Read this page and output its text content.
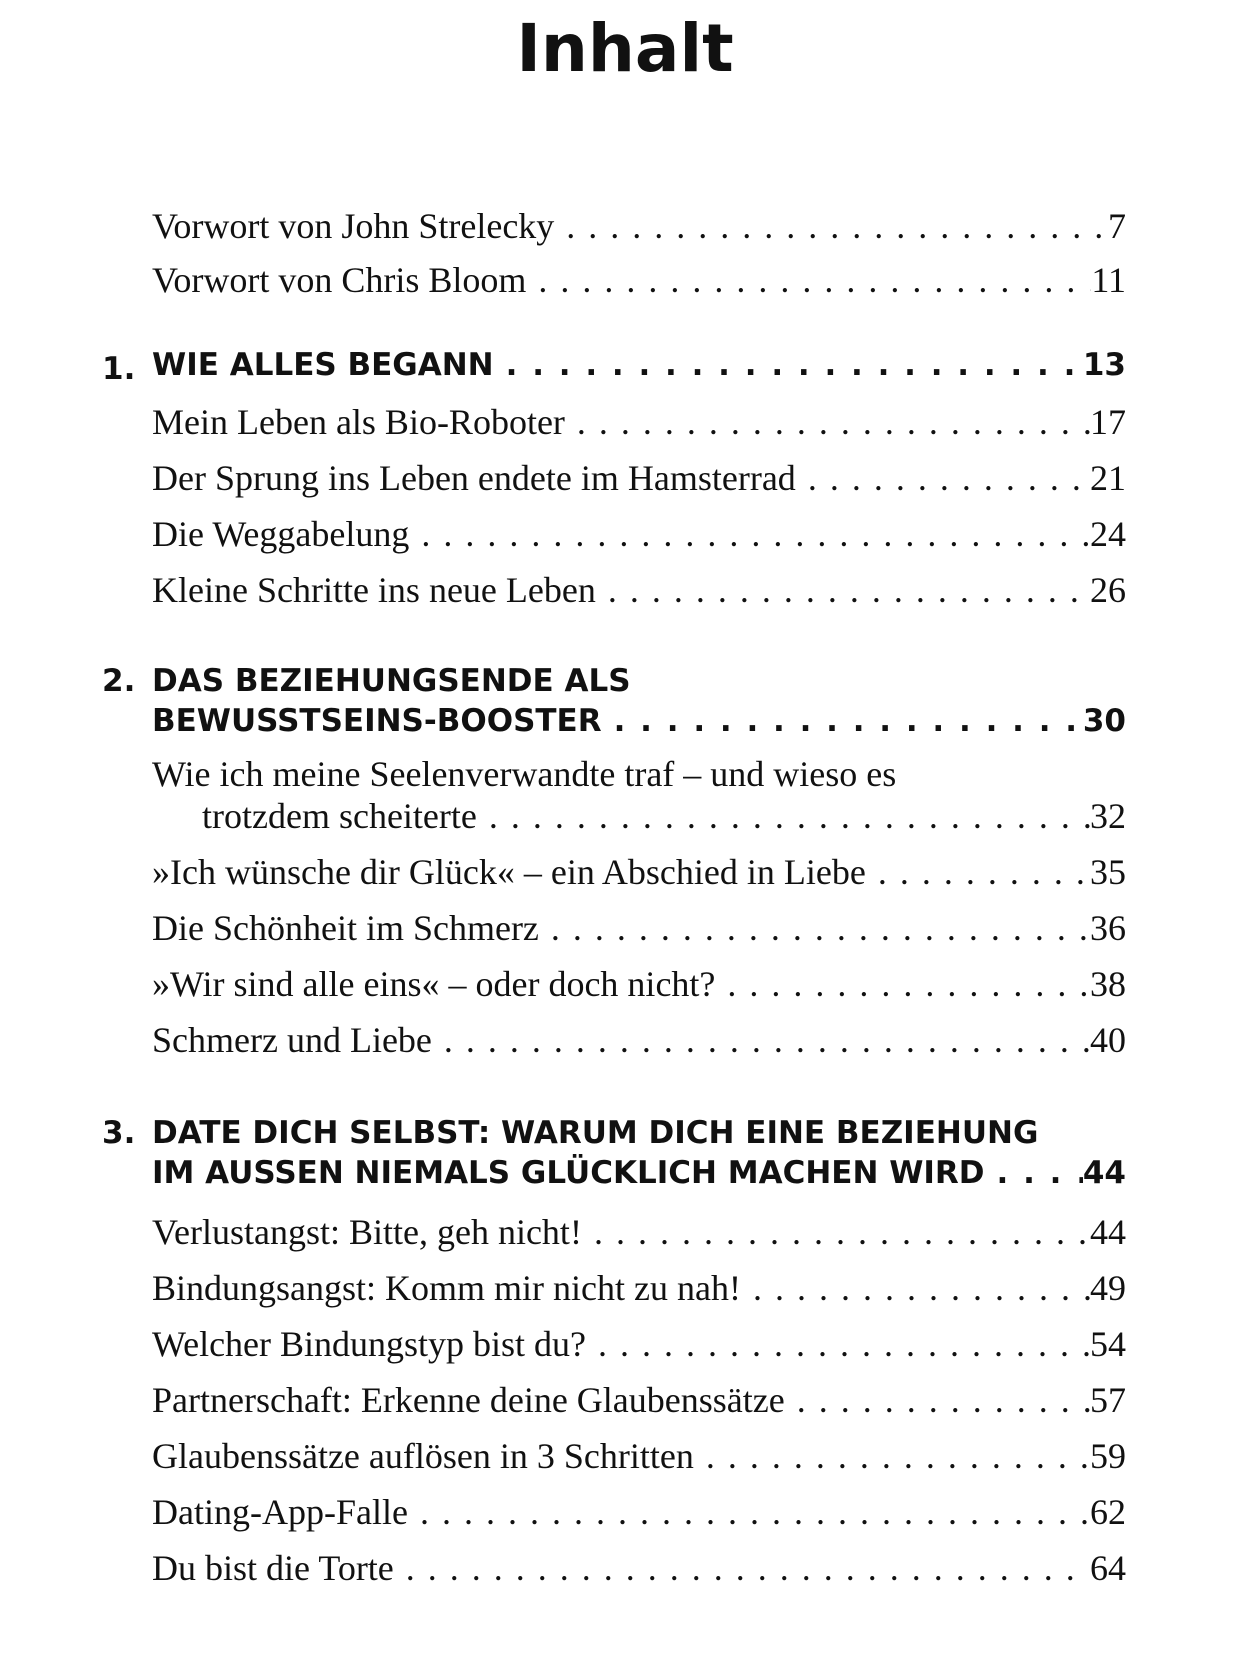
Inhalt
Vorwort von John Strelecky . . .	7
Vorwort von Chris Bloom . . .	11
1. WIE ALLES BEGANN . . .	13
Mein Leben als Bio-Roboter . . .	17
Der Sprung ins Leben endete im Hamsterrad . . .	21
Die Weggabelung . . .	24
Kleine Schritte ins neue Leben . . .	26
2. DAS BEZIEHUNGSENDE ALS
BEWUSSTSEINS-BOOSTER . . .	30
Wie ich meine Seelenverwandte traf – und wieso es
trotzdem scheiterte . . .	32
»Ich wünsche dir Glück« – ein Abschied in Liebe . . .	35
Die Schönheit im Schmerz . . .	36
»Wir sind alle eins« – oder doch nicht? . . .	38
Schmerz und Liebe . . .	40
3. DATE DICH SELBST: WARUM DICH EINE BEZIEHUNG
IM AUSSEN NIEMALS GLÜCKLICH MACHEN WIRD . . .	44
Verlustangst: Bitte, geh nicht! . . .	44
Bindungsangst: Komm mir nicht zu nah! . . .	49
Welcher Bindungstyp bist du? . . .	54
Partnerschaft: Erkenne deine Glaubenssätze . . .	57
Glaubenssätze auflösen in 3 Schritten . . .	59
Dating-App-Falle . . .	62
Du bist die Torte . . .	64
